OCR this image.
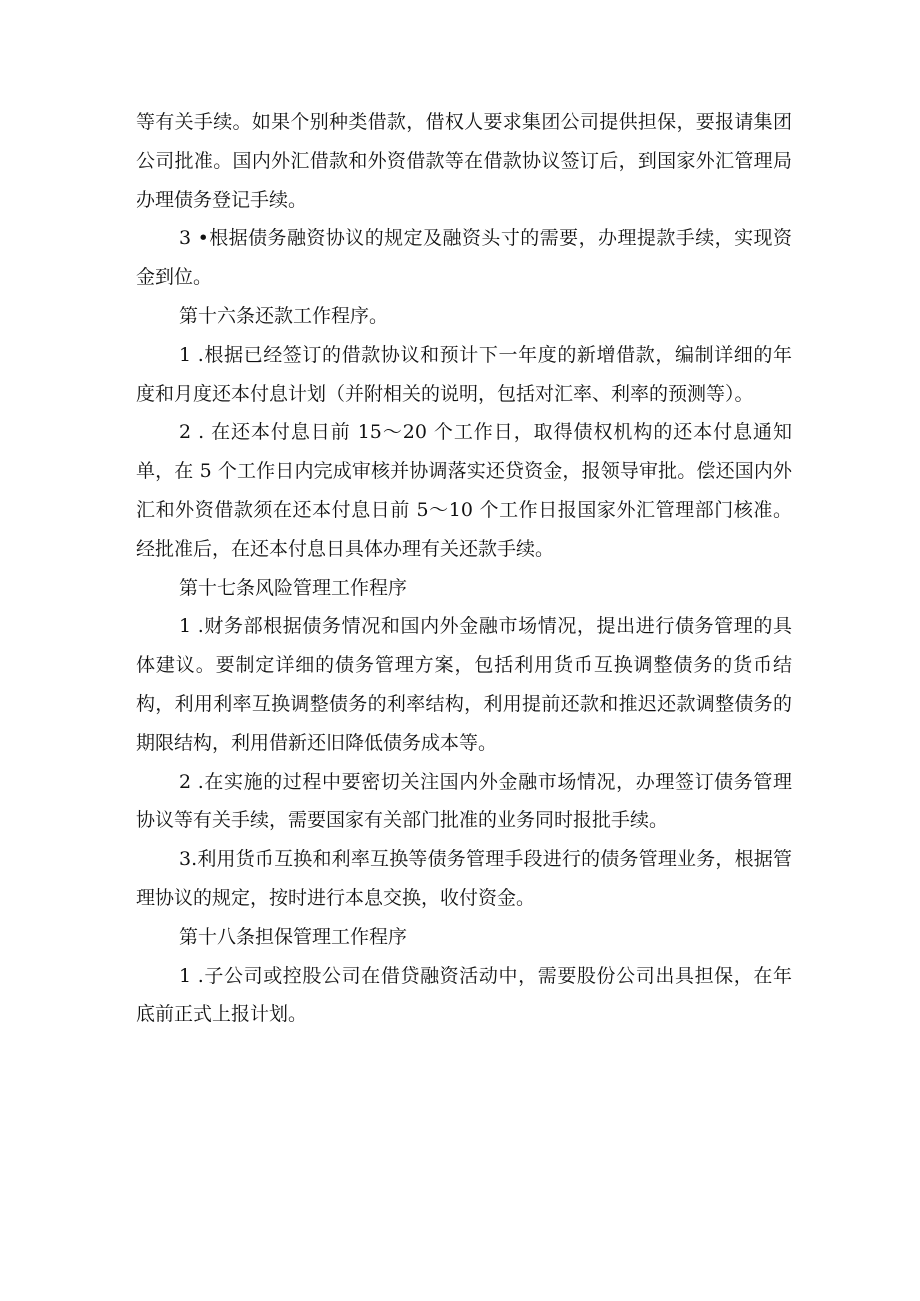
等有关手续。如果个别种类借款，借权人要求集团公司提供担保，要报请集团公司批准。国内外汇借款和外资借款等在借款协议签订后，到国家外汇管理局办理债务登记手续。

3 •根据债务融资协议的规定及融资头寸的需要，办理提款手续，实现资金到位。

第十六条还款工作程序。

1 .根据已经签订的借款协议和预计下一年度的新增借款，编制详细的年度和月度还本付息计划（并附相关的说明，包括对汇率、利率的预测等）。

2 . 在还本付息日前 15～20 个工作日，取得债权机构的还本付息通知单，在 5 个工作日内完成审核并协调落实还贷资金，报领导审批。偿还国内外汇和外资借款须在还本付息日前 5～10 个工作日报国家外汇管理部门核准。经批准后，在还本付息日具体办理有关还款手续。

第十七条风险管理工作程序

1 .财务部根据债务情况和国内外金融市场情况，提出进行债务管理的具体建议。要制定详细的债务管理方案，包括利用货币互换调整债务的货币结构，利用利率互换调整债务的利率结构，利用提前还款和推迟还款调整债务的期限结构，利用借新还旧降低债务成本等。

2 .在实施的过程中要密切关注国内外金融市场情况，办理签订债务管理协议等有关手续，需要国家有关部门批准的业务同时报批手续。

3.利用货币互换和利率互换等债务管理手段进行的债务管理业务，根据管理协议的规定，按时进行本息交换，收付资金。

第十八条担保管理工作程序

1 .子公司或控股公司在借贷融资活动中，需要股份公司出具担保，在年底前正式上报计划。
